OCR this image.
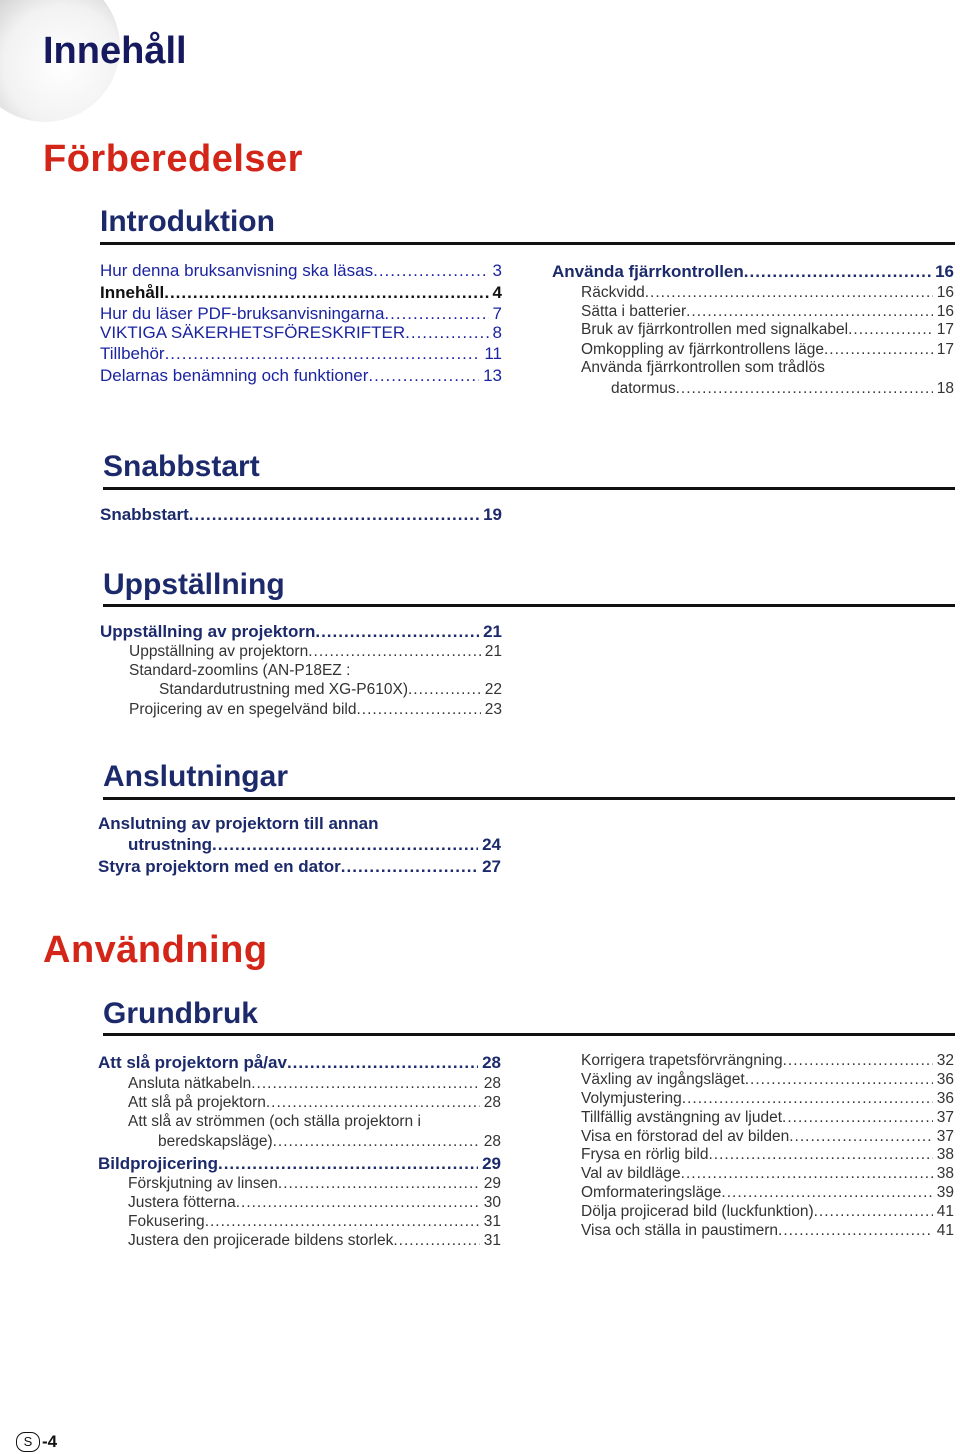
Innehåll
Förberedelser
Introduktion
Hur denna bruksanvisning ska läsas .....	3
Innehåll .....	4
Hur du läser PDF-bruksanvisningarna .....	7
VIKTIGA SÄKERHETSFÖRESKRIFTER .....	8
Tillbehör .....	11
Delarnas benämning och funktioner .....	13
Använda fjärrkontrollen .....	16
Räckvidd .....	16
Sätta i batterier .....	16
Bruk av fjärrkontrollen med signalkabel .....	17
Omkoppling av fjärrkontrollens läge .....	17
Använda fjärrkontrollen som trådlös
datormus .....	18
Snabbstart
Snabbstart .....	19
Uppställning
Uppställning av projektorn .....	21
Uppställning av projektorn .....	21
Standard-zoomlins (AN-P18EZ :
Standardutrustning med XG-P610X) .....	22
Projicering av en spegelvänd bild .....	23
Anslutningar
Anslutning av projektorn till annan
utrustning .....	24
Styra projektorn med en dator .....	27
Användning
Grundbruk
Att slå projektorn på/av .....	28
Ansluta nätkabeln .....	28
Att slå på projektorn .....	28
Att slå av strömmen (och ställa projektorn i
beredskapsläge) .....	28
Bildprojicering .....	29
Förskjutning av linsen .....	29
Justera fötterna .....	30
Fokusering .....	31
Justera den projicerade bildens storlek .....	31
Korrigera trapetsförvrängning .....	32
Växling av ingångsläget .....	36
Volymjustering .....	36
Tillfällig avstängning av ljudet .....	37
Visa en förstorad del av bilden .....	37
Frysa en rörlig bild .....	38
Val av bildläge .....	38
Omformateringsläge .....	39
Dölja projicerad bild (luckfunktion) .....	41
Visa och ställa in paustimern .....	41
S -4
